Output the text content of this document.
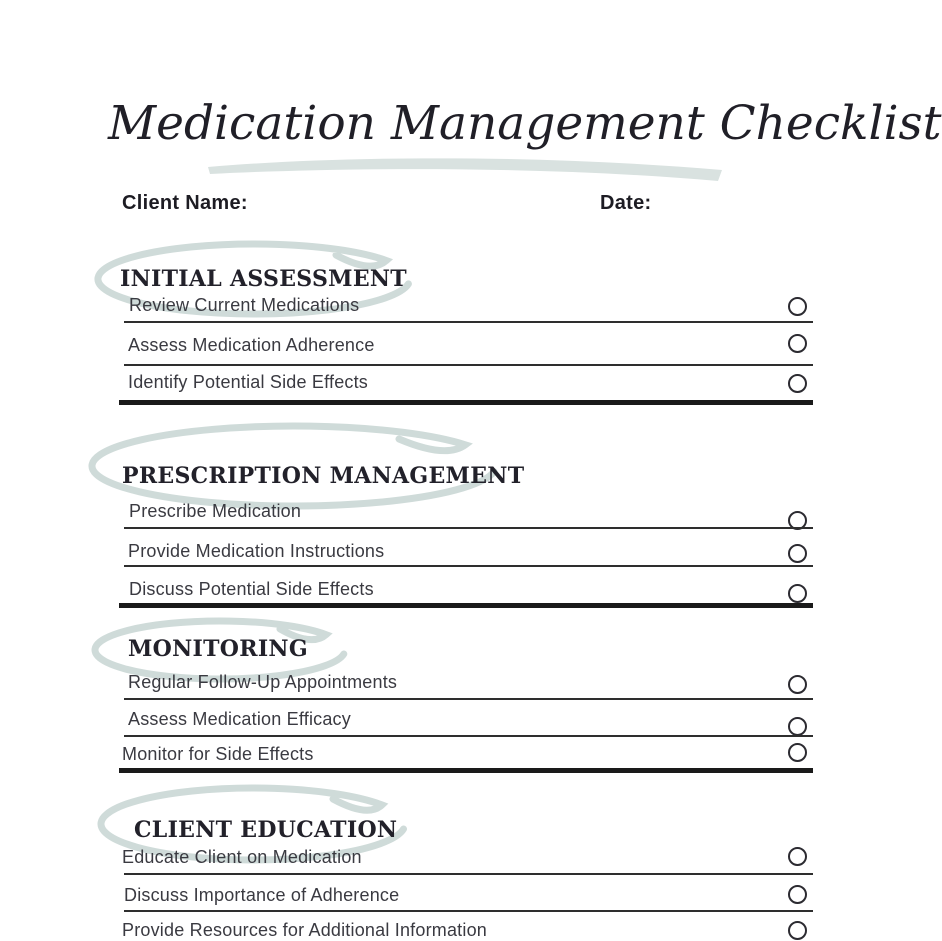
Medication Management Checklist
Client Name:	Date:
INITIAL ASSESSMENT
Review Current Medications
Assess Medication Adherence
Identify Potential Side Effects
PRESCRIPTION MANAGEMENT
Prescribe Medication
Provide Medication Instructions
Discuss Potential Side Effects
MONITORING
Regular Follow-Up Appointments
Assess Medication Efficacy
Monitor for Side Effects
CLIENT EDUCATION
Educate Client on Medication
Discuss Importance of Adherence
Provide Resources for Additional Information
